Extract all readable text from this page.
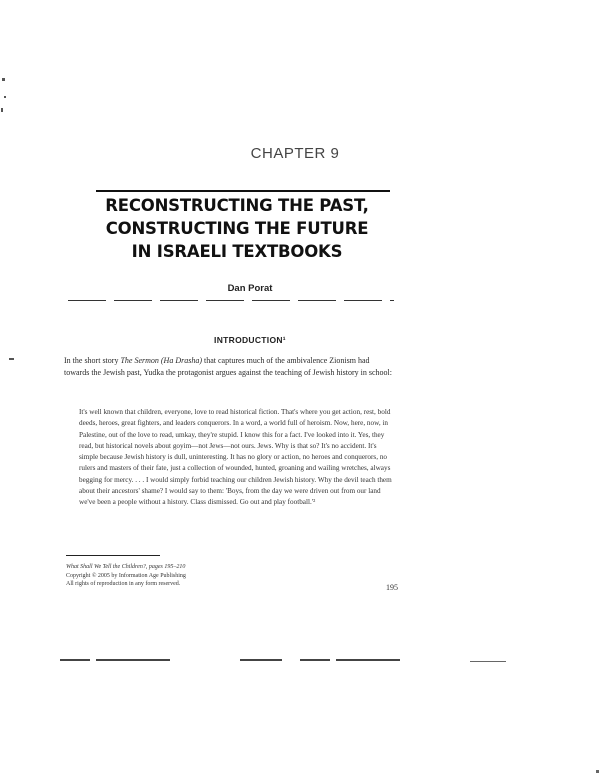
CHAPTER 9
RECONSTRUCTING THE PAST,
CONSTRUCTING THE FUTURE
IN ISRAELI TEXTBOOKS
Dan Porat
INTRODUCTION¹

In the short story The Sermon (Ha Drasha) that captures much of the ambivalence Zionism had towards the Jewish past, Yudka the protagonist argues against the teaching of Jewish history in school:

It's well known that children, everyone, love to read historical fiction. That's where you get action, rest, bold deeds, heroes, great fighters, and leaders conquerors. In a word, a world full of heroism. Now, here, now, in Palestine, out of the love to read, umkay, they're stupid. I know this for a fact. I've looked into it. Yes, they read, but historical novels about goyim—not Jews—not ours. Jews. Why is that so? It's no accident. It's simple because Jewish history is dull, uninteresting. It has no glory or action, no heroes and conquerors, no rulers and masters of their fate, just a collection of wounded, hunted, groaning and wailing wretches, always begging for mercy. . . . I would simply forbid teaching our children Jewish history. Why the devil teach them about their ancestors' shame? I would say to them: 'Boys, from the day we were driven out from our land we've been a people without a history. Class dismissed. Go out and play football.'²

What Shall We Tell the Children?, pages 195–210
Copyright © 2005 by Information Age Publishing
All rights of reproduction in any form reserved.	195
